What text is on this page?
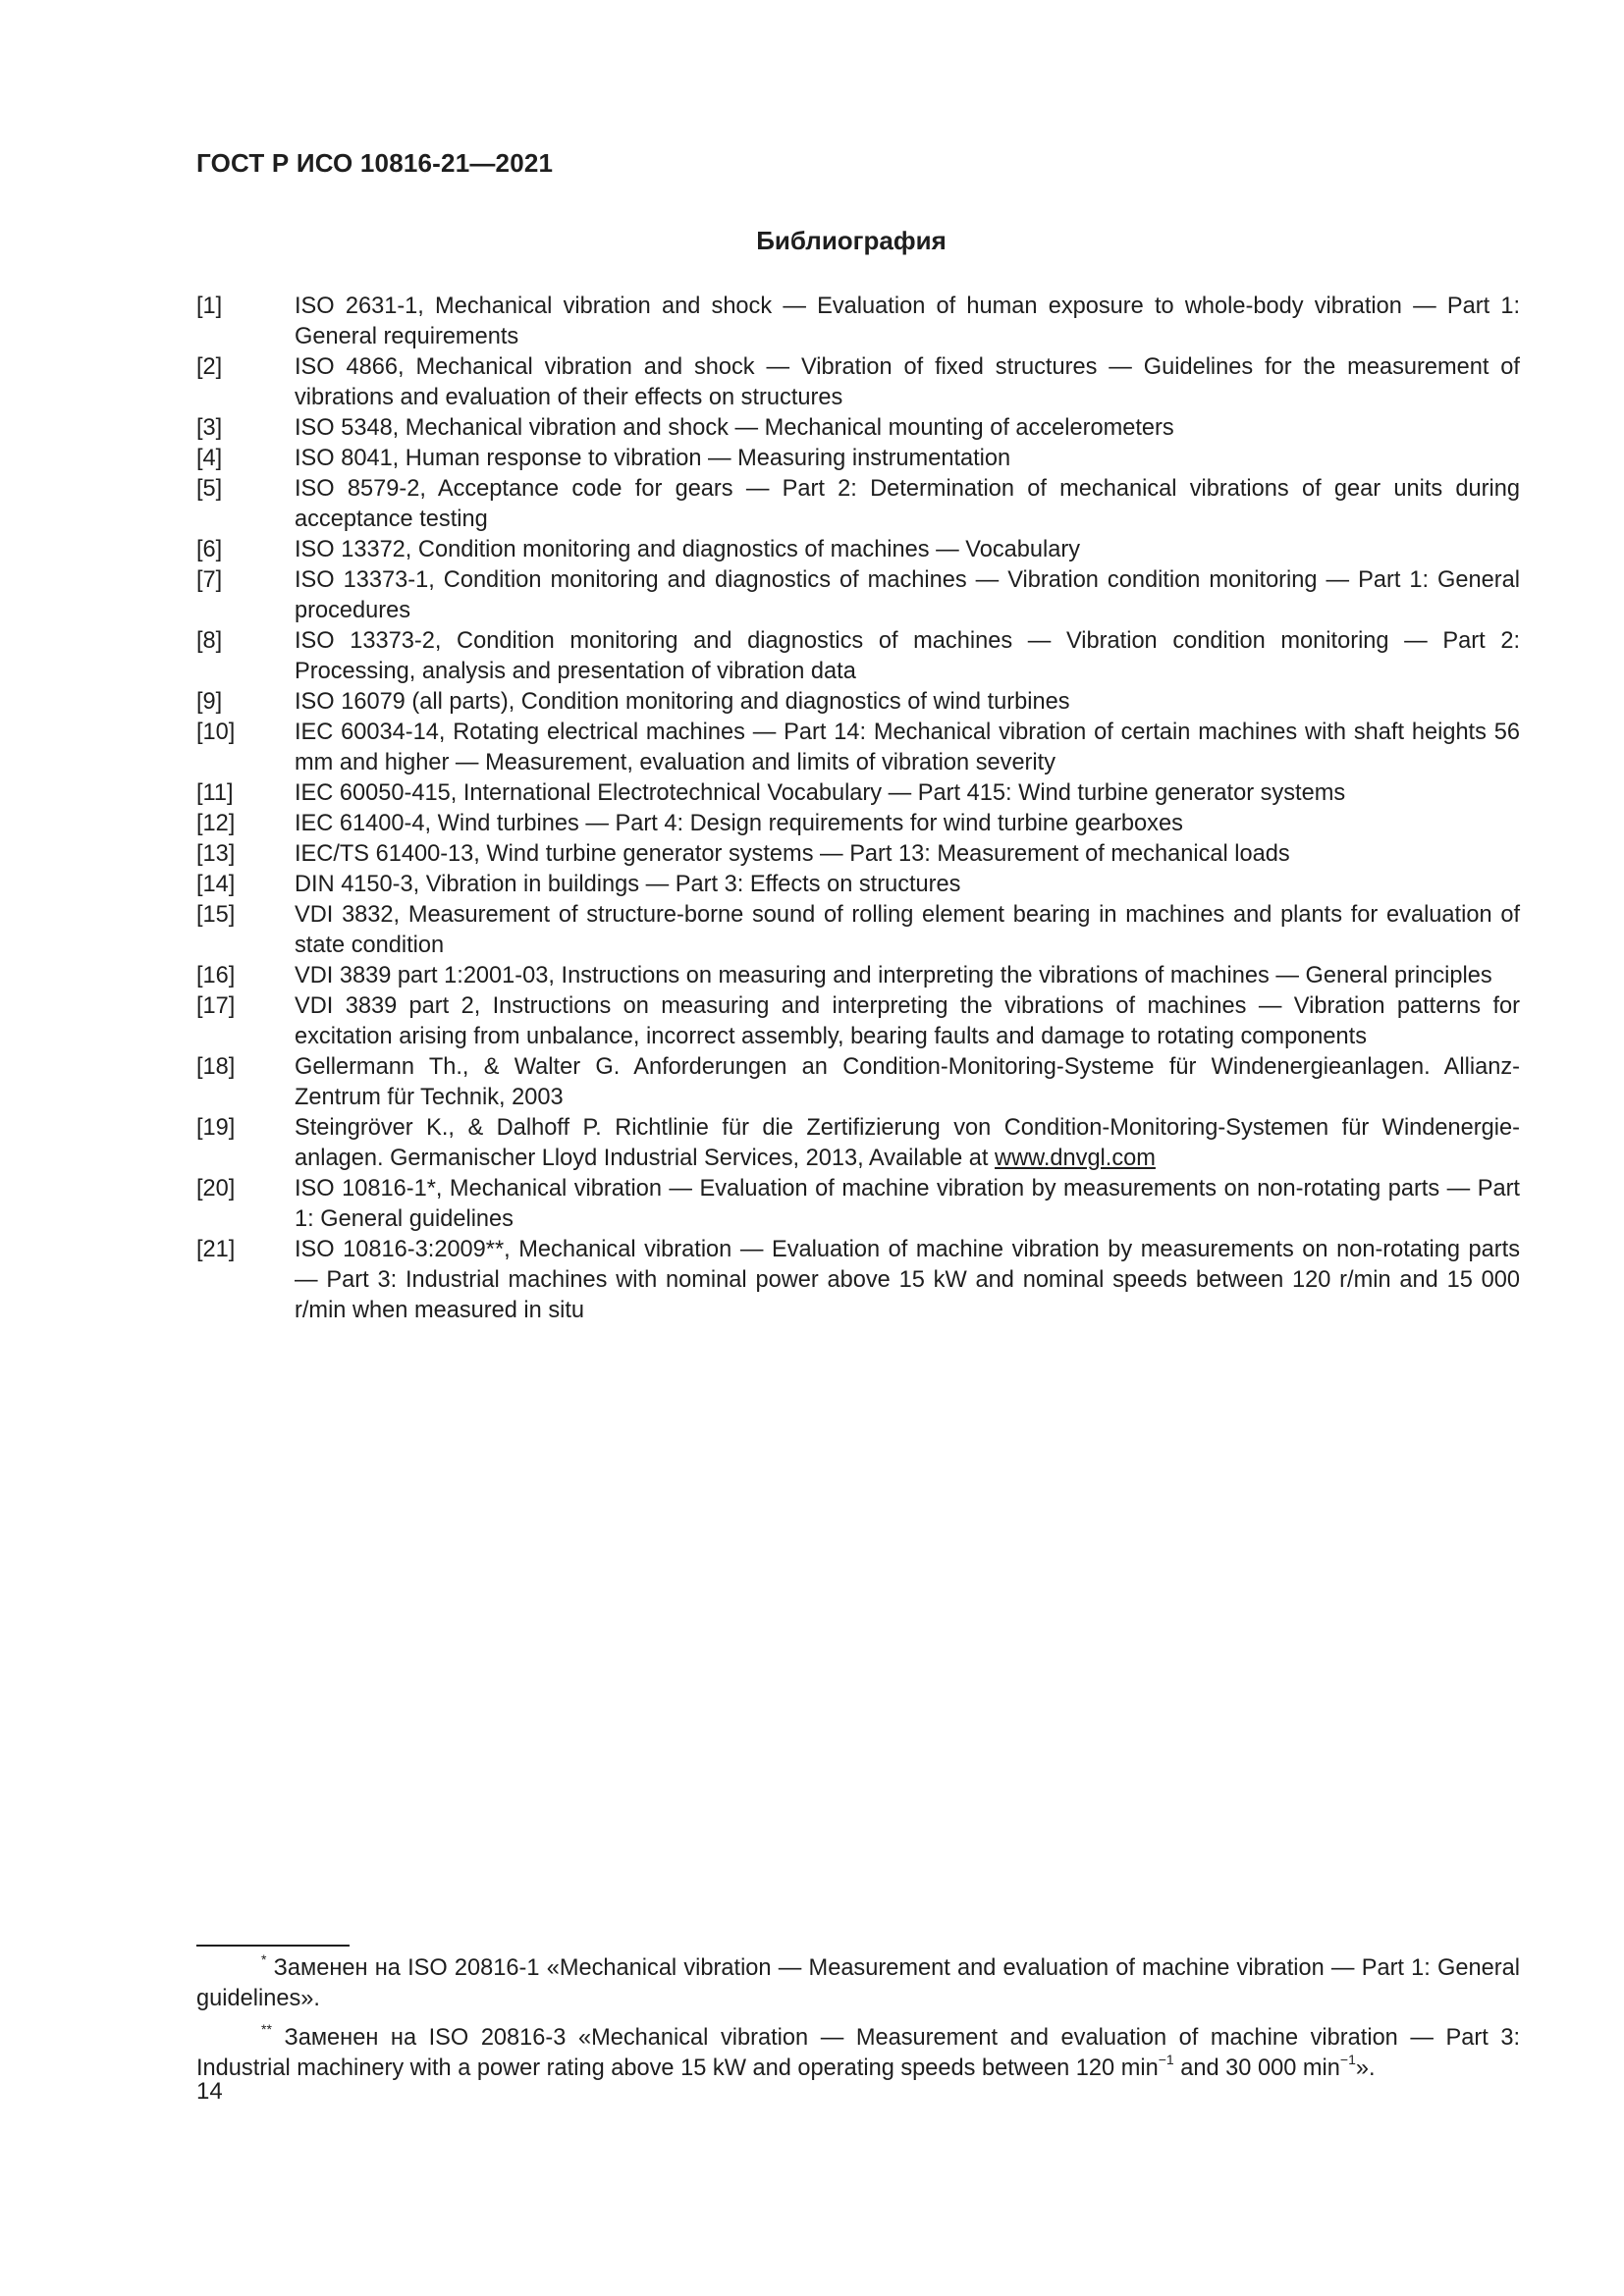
ГОСТ Р ИСО 10816-21—2021
Библиография
[1]	ISO 2631-1, Mechanical vibration and shock — Evaluation of human exposure to whole-body vibration — Part 1: General requirements
[2]	ISO 4866, Mechanical vibration and shock — Vibration of fixed structures — Guidelines for the measurement of vibrations and evaluation of their effects on structures
[3]	ISO 5348, Mechanical vibration and shock — Mechanical mounting of accelerometers
[4]	ISO 8041, Human response to vibration — Measuring instrumentation
[5]	ISO 8579-2, Acceptance code for gears — Part 2: Determination of mechanical vibrations of gear units during acceptance testing
[6]	ISO 13372, Condition monitoring and diagnostics of machines — Vocabulary
[7]	ISO 13373-1, Condition monitoring and diagnostics of machines — Vibration condition monitoring — Part 1: General procedures
[8]	ISO 13373-2, Condition monitoring and diagnostics of machines — Vibration condition monitoring — Part 2: Processing, analysis and presentation of vibration data
[9]	ISO 16079 (all parts), Condition monitoring and diagnostics of wind turbines
[10]	IEC 60034-14, Rotating electrical machines — Part 14: Mechanical vibration of certain machines with shaft heights 56 mm and higher — Measurement, evaluation and limits of vibration severity
[11]	IEC 60050-415, International Electrotechnical Vocabulary — Part 415: Wind turbine generator systems
[12]	IEC 61400-4, Wind turbines — Part 4: Design requirements for wind turbine gearboxes
[13]	IEC/TS 61400-13, Wind turbine generator systems — Part 13: Measurement of mechanical loads
[14]	DIN 4150-3, Vibration in buildings — Part 3: Effects on structures
[15]	VDI 3832, Measurement of structure-borne sound of rolling element bearing in machines and plants for evaluation of state condition
[16]	VDI 3839 part 1:2001-03, Instructions on measuring and interpreting the vibrations of machines — General principles
[17]	VDI 3839 part 2, Instructions on measuring and interpreting the vibrations of machines — Vibration patterns for excitation arising from unbalance, incorrect assembly, bearing faults and damage to rotating components
[18]	Gellermann Th., & Walter G. Anforderungen an Condition-Monitoring-Systeme für Windenergieanlagen. Allianz-Zentrum für Technik, 2003
[19]	Steingröver K., & Dalhoff P. Richtlinie für die Zertifizierung von Condition-Monitoring-Systemen für Windenergie-anlagen. Germanischer Lloyd Industrial Services, 2013, Available at www.dnvgl.com
[20]	ISO 10816-1*, Mechanical vibration — Evaluation of machine vibration by measurements on non-rotating parts — Part 1: General guidelines
[21]	ISO 10816-3:2009**, Mechanical vibration — Evaluation of machine vibration by measurements on non-rotating parts — Part 3: Industrial machines with nominal power above 15 kW and nominal speeds between 120 r/min and 15 000 r/min when measured in situ
* Заменен на ISO 20816-1 «Mechanical vibration — Measurement and evaluation of machine vibration — Part 1: General guidelines».
** Заменен на ISO 20816-3 «Mechanical vibration — Measurement and evaluation of machine vibration — Part 3: Industrial machinery with a power rating above 15 kW and operating speeds between 120 $\min^{-1}$ and 30 000 $\min^{-1}$».
14
